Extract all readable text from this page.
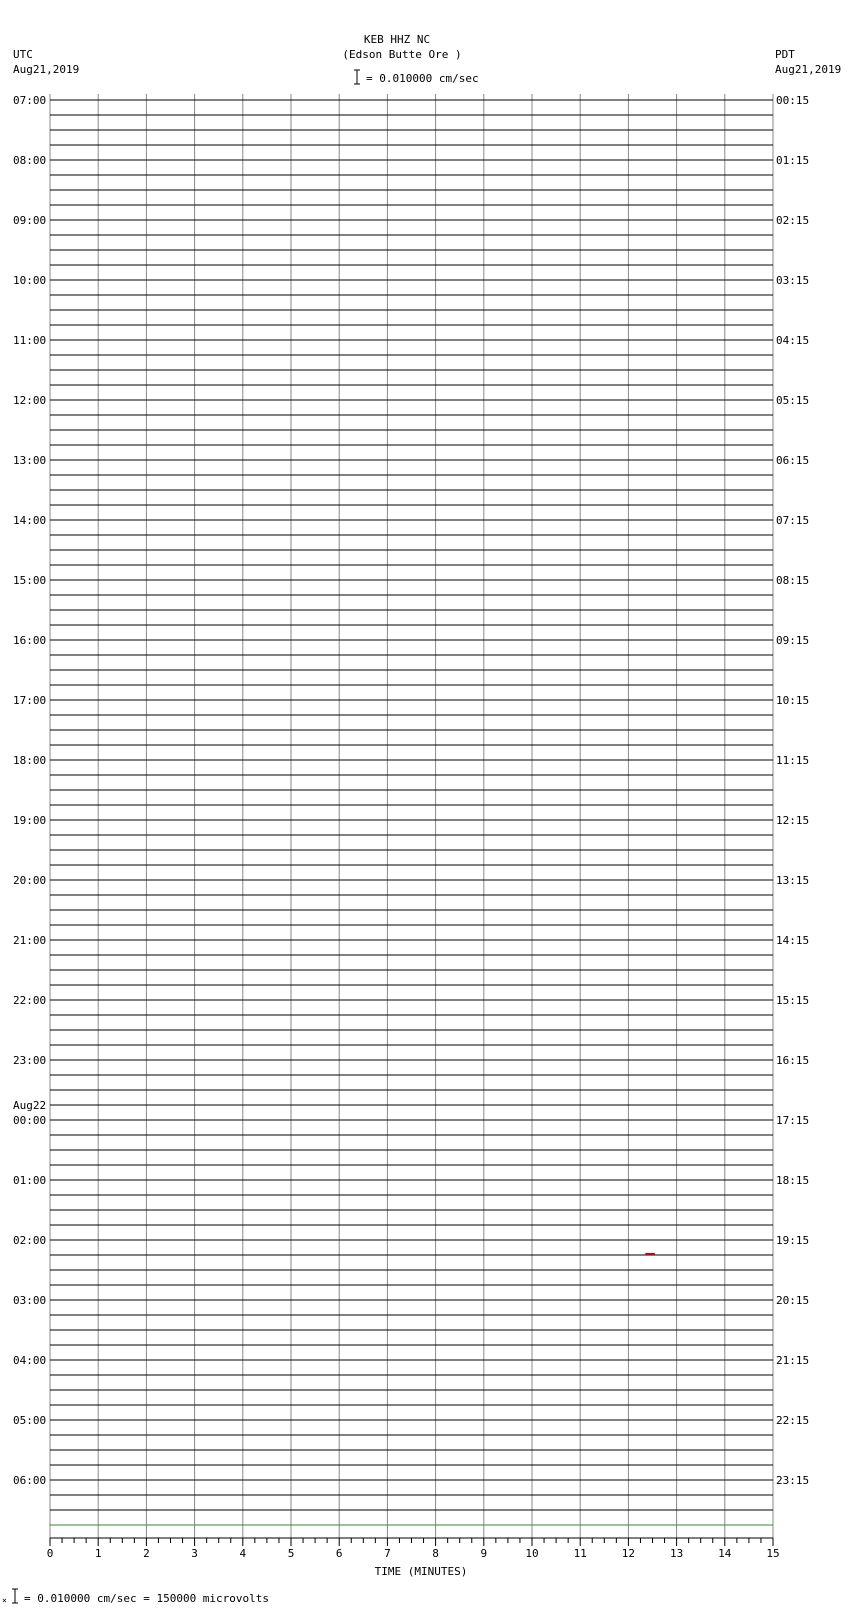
KEB HHZ NC
(Edson Butte Ore )
= 0.010000 cm/sec
UTC
Aug21,2019
PDT
Aug21,2019
07:00
08:00
09:00
10:00
11:00
12:00
13:00
14:00
15:00
16:00
17:00
18:00
19:00
20:00
21:00
22:00
23:00
Aug22
00:00
01:00
02:00
03:00
04:00
05:00
06:00
00:15
01:15
02:15
03:15
04:15
05:15
06:15
07:15
08:15
09:15
10:15
11:15
12:15
13:15
14:15
15:15
16:15
17:15
18:15
19:15
20:15
21:15
22:15
23:15
0	1	2	3	4	5	6	7	8	9	10	11	12	13	14	15
TIME (MINUTES)
× = 0.010000 cm/sec = 150000 microvolts
